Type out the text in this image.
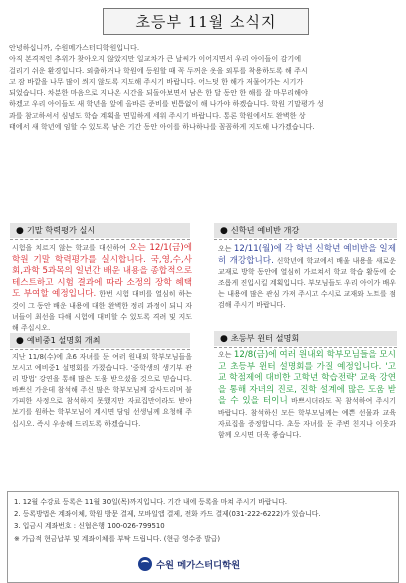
초등부 11월 소식지

안녕하십니까, 수원메가스터디학원입니다.

아직 본격적인 추위가 찾아오지 않았지만 일교차가 큰 날씨가 이어지면서 우리 아이들이 감기에

걸리기 쉬운 환경입니다. 외출하거나 학원에 등원할 때 꼭 두꺼운 옷을 외투를 착용하도록 해 주시

고 잠 바깥을 나무 많이 씌지 않도록 지도해 주시기 바랍니다. 어느덧 한 해가 저물어가는 시기가

되었습니다. 차분한 마음으로 지나온 시간을 되돌아보면서 남은 한 달 동안 한 해를 잘 마무리해야

하겠고 우리 아이들도 새 학년을 앞에 올바른 준비를 빈틈없이 해 나가야 하겠습니다. 학원 기말평가 성

과를 참고하셔서 심념도 학습 계획을 면밀하게 세워 주시기 바랍니다. 통론 학원에서도 완벽한 상

태에서 새 학년에 임할 수 있도록 남은 기간 동안 아이를 하나하나를 꼼꼼하게 지도해 나가겠습니다.

● 기말 학력평가 실시

시험을 치르지 않는 학교를 대신하여 오는 12/1(금)에 학원 기말 학력평가를 실시합니다. 국,영,수,사회,과학 5과목의 일년간 배운 내용을 종합적으로 테스트하고 시험 결과에 따라 소정의 장학 혜택도 부여할 예정입니다. 한번 시험 대비를 열심히 하는 것이 그 동안 배운 내용에 대한 완벽한 정리 과정이 되니 자녀들이 최선을 다해 시험에 대비할 수 있도록 격려 및 지도 해 주십시오.

● 신학년 예비반 개강

오는 12/11(월)에 각 학년 신학년 예비반을 일제히 개강합니다. 신학년에 학교에서 배울 내용을 새로운 교재로 방학 동안에 열심히 가르쳐서 학교 학습 활동에 순조롭게 진입시킬 계획입니다. 부모님들도 우리 아이가 배우는 내용에 많은 관심 가져 주시고 수시로 교재와 노트를 점검해 주시기 바랍니다.

● 예비중1 설명회 개최

지난 11/8(수)에 초6 자녀를 둔 여러 원내외 학부모님들을 모시고 예비중1 설명회를 가졌습니다. '중학생의 생기부 관리 방법' 강연을 통해 많은 도움 받으셨을 것으로 믿습니다. 바쁘신 가운데 참석해 주신 많은 학부모님께 감사드리며 불가피한 사정으로 참석하지 못했지만 자료집만이라도 받아 보기를 원하는 학부모님이 계시면 담임 선생님께 요청해 주십시오. 즉시 우송해 드리도록 하겠습니다.

● 초등부 윈터 설명회

오는 12/8(금)에 여러 원내외 학부모님들을 모시고 초등부 윈터 설명회를 가질 예정입니다. '고교 학점제에 대비한 고학년 학습전략' 교육 강연을 통해 자녀의 진로, 진학 설계에 많은 도움 받을 수 있을 터이니 바쁘시더라도 꼭 참석하여 주시기 바랍니다. 참석하신 모든 학부모님께는 예쁜 선물과 교육 자료집을 증정합니다. 초등 자녀를 둔 주변 친지나 이웃과 함께 오시면 더욱 좋습니다.

1. 12월 수강료 등록은 11월 30일(목)까지입니다. 기간 내에 등록을 마쳐 주시기 바랍니다.
2. 등록방법은 계좌이체, 학원 방문 결제, 모바일앱 결제, 전화 카드 결제(031-222-6222)가 있습니다.
3. 입금시 계좌번호 : 신협은행 100-026-799510
※ 가급적 현금납부 및 계좌이체를 부탁 드립니다. (현금 영수증 발급)
수원 메가스터디학원
